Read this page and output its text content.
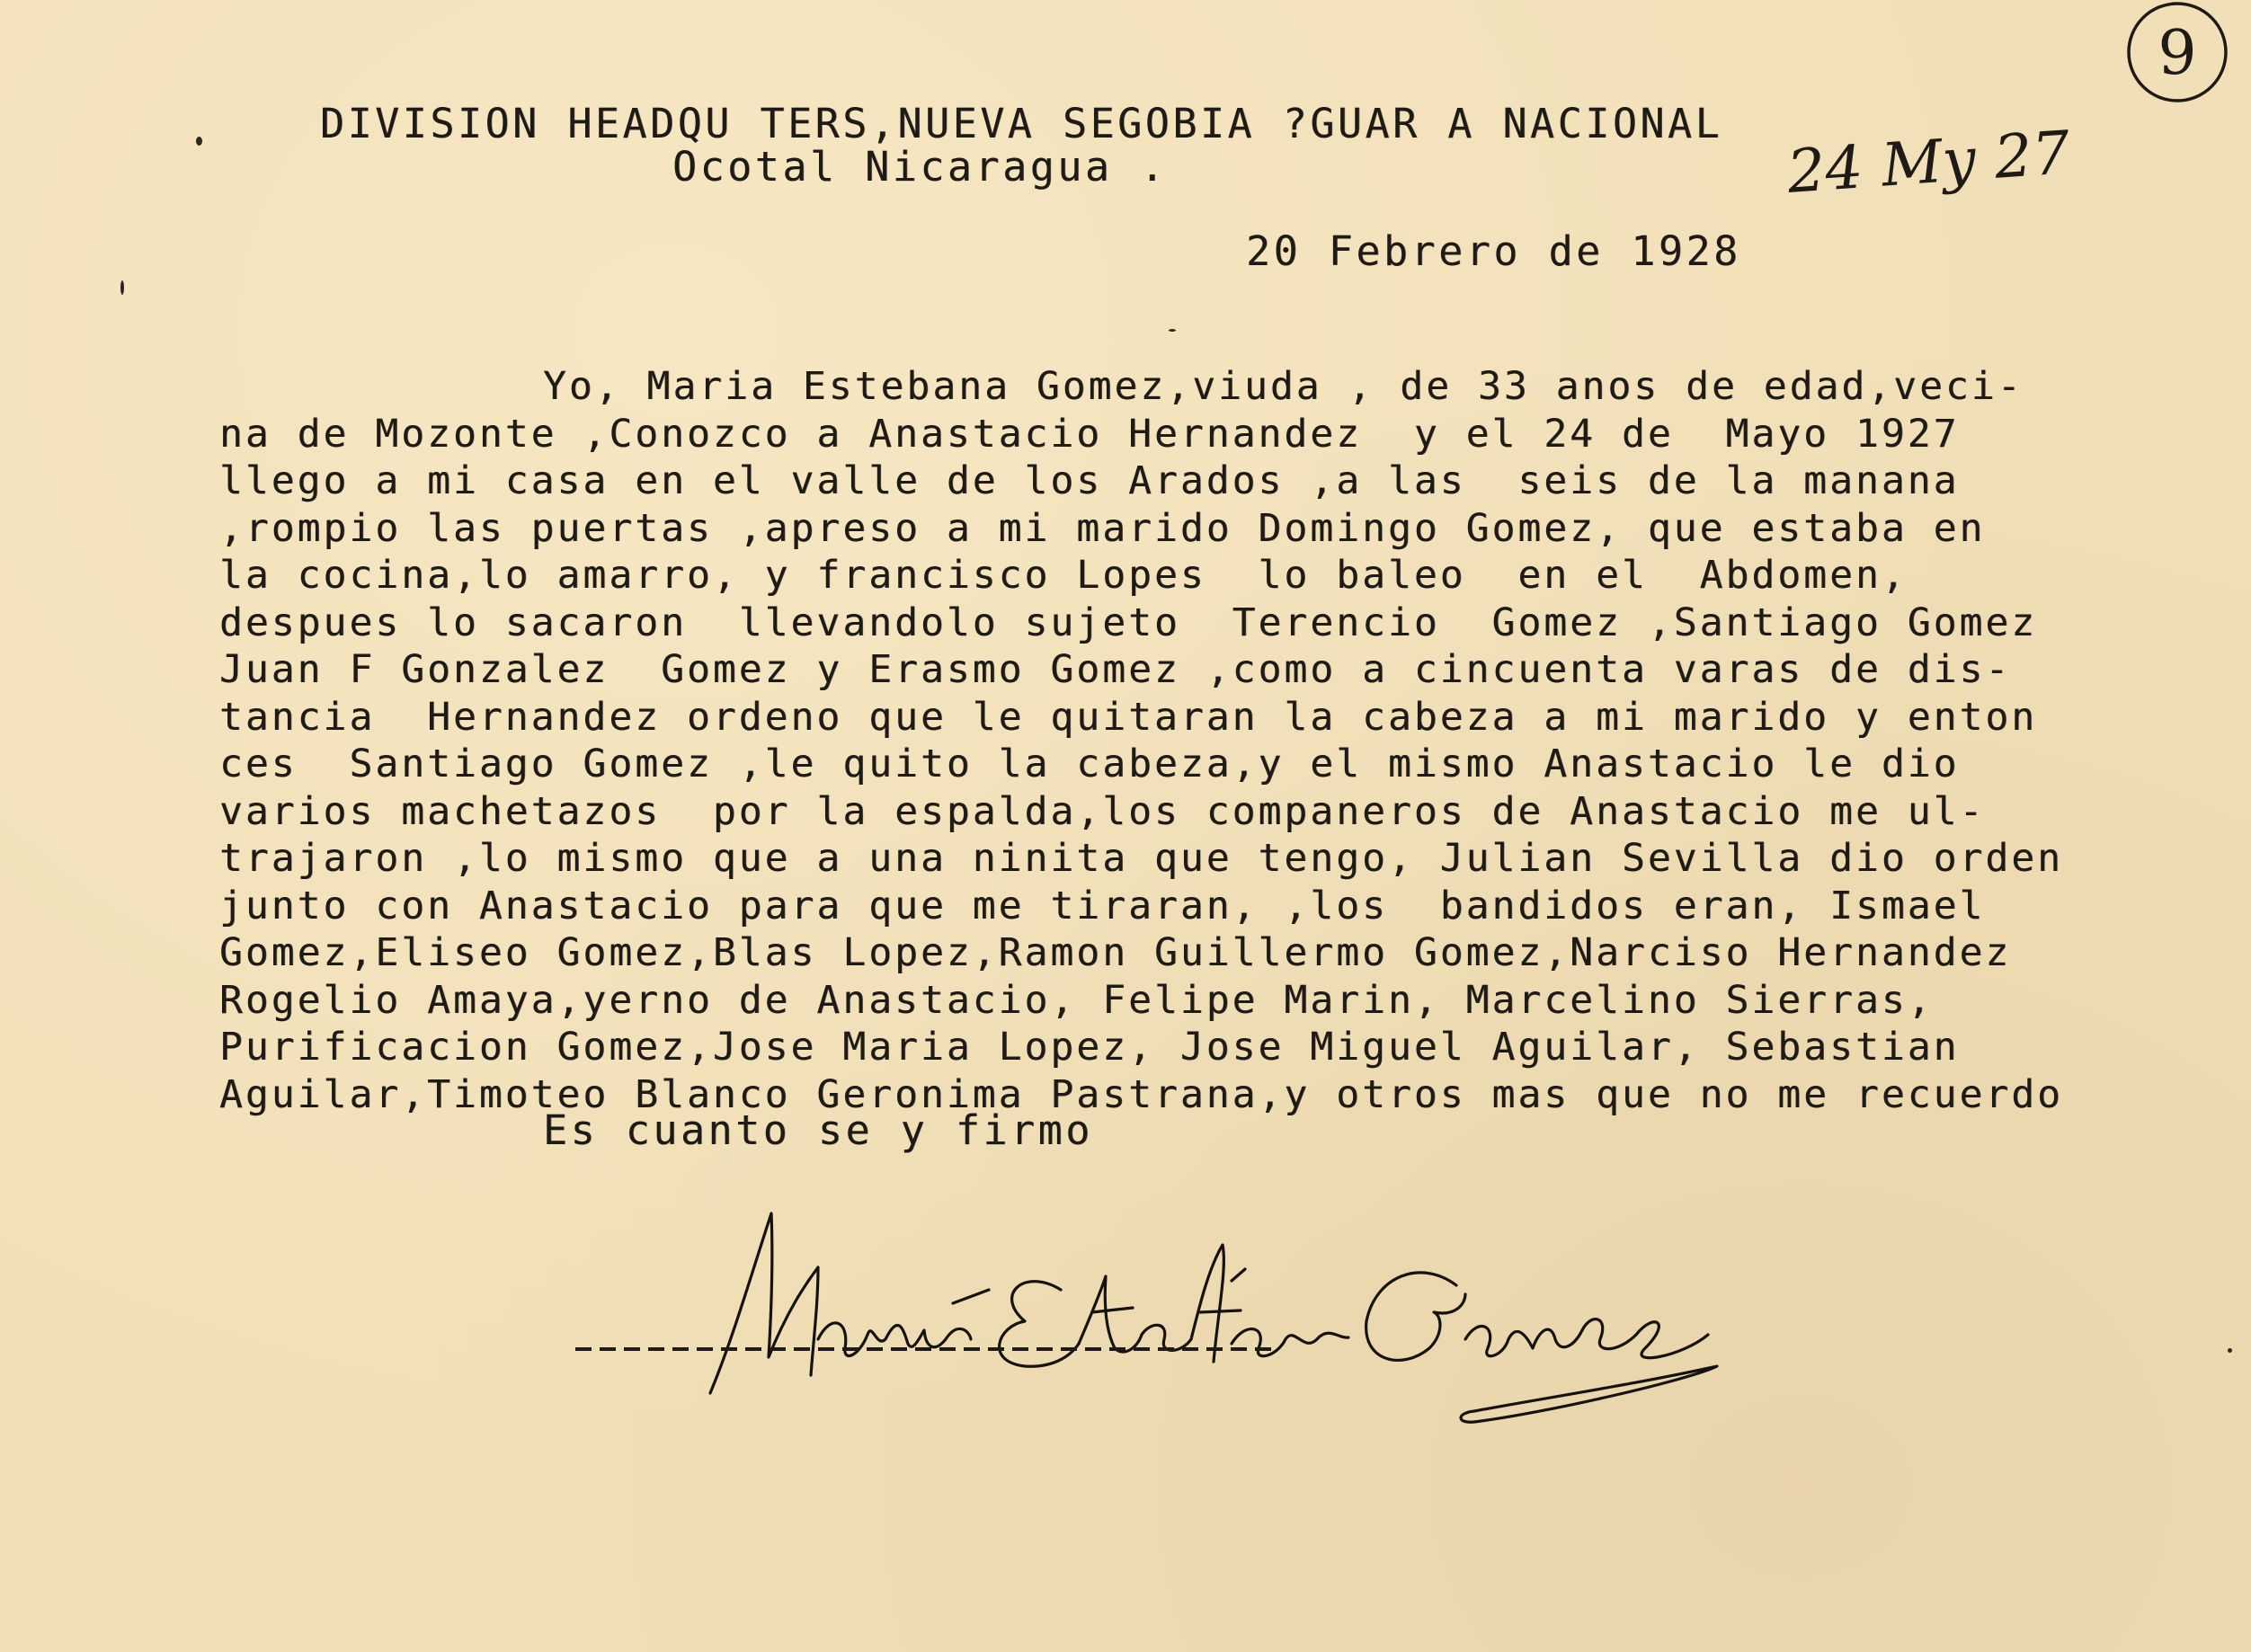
9
24 My 27
DIVISION HEADQU TERS,NUEVA SEGOBIA ?GUAR A NACIONAL
Ocotal Nicaragua .
20 Febrero de 1928
Yo, Maria Estebana Gomez,viuda , de 33 anos de edad,veci-
na de Mozonte ,Conozco a Anastacio Hernandez  y el 24 de  Mayo 1927
llego a mi casa en el valle de los Arados ,a las  seis de la manana
,rompio las puertas ,apreso a mi marido Domingo Gomez, que estaba en
la cocina,lo amarro, y francisco Lopes  lo baleo  en el  Abdomen,
despues lo sacaron  llevandolo sujeto  Terencio  Gomez ,Santiago Gomez
Juan F Gonzalez  Gomez y Erasmo Gomez ,como a cincuenta varas de dis-
tancia  Hernandez ordeno que le quitaran la cabeza a mi marido y enton
ces  Santiago Gomez ,le quito la cabeza,y el mismo Anastacio le dio
varios machetazos  por la espalda,los companeros de Anastacio me ul-
trajaron ,lo mismo que a una ninita que tengo, Julian Sevilla dio orden
junto con Anastacio para que me tiraran, ,los  bandidos eran, Ismael
Gomez,Eliseo Gomez,Blas Lopez,Ramon Guillermo Gomez,Narciso Hernandez
Rogelio Amaya,yerno de Anastacio, Felipe Marin, Marcelino Sierras,
Purificacion Gomez,Jose Maria Lopez, Jose Miguel Aguilar, Sebastian
Aguilar,Timoteo Blanco Geronima Pastrana,y otros mas que no me recuerdo
Es cuanto se y firmo
